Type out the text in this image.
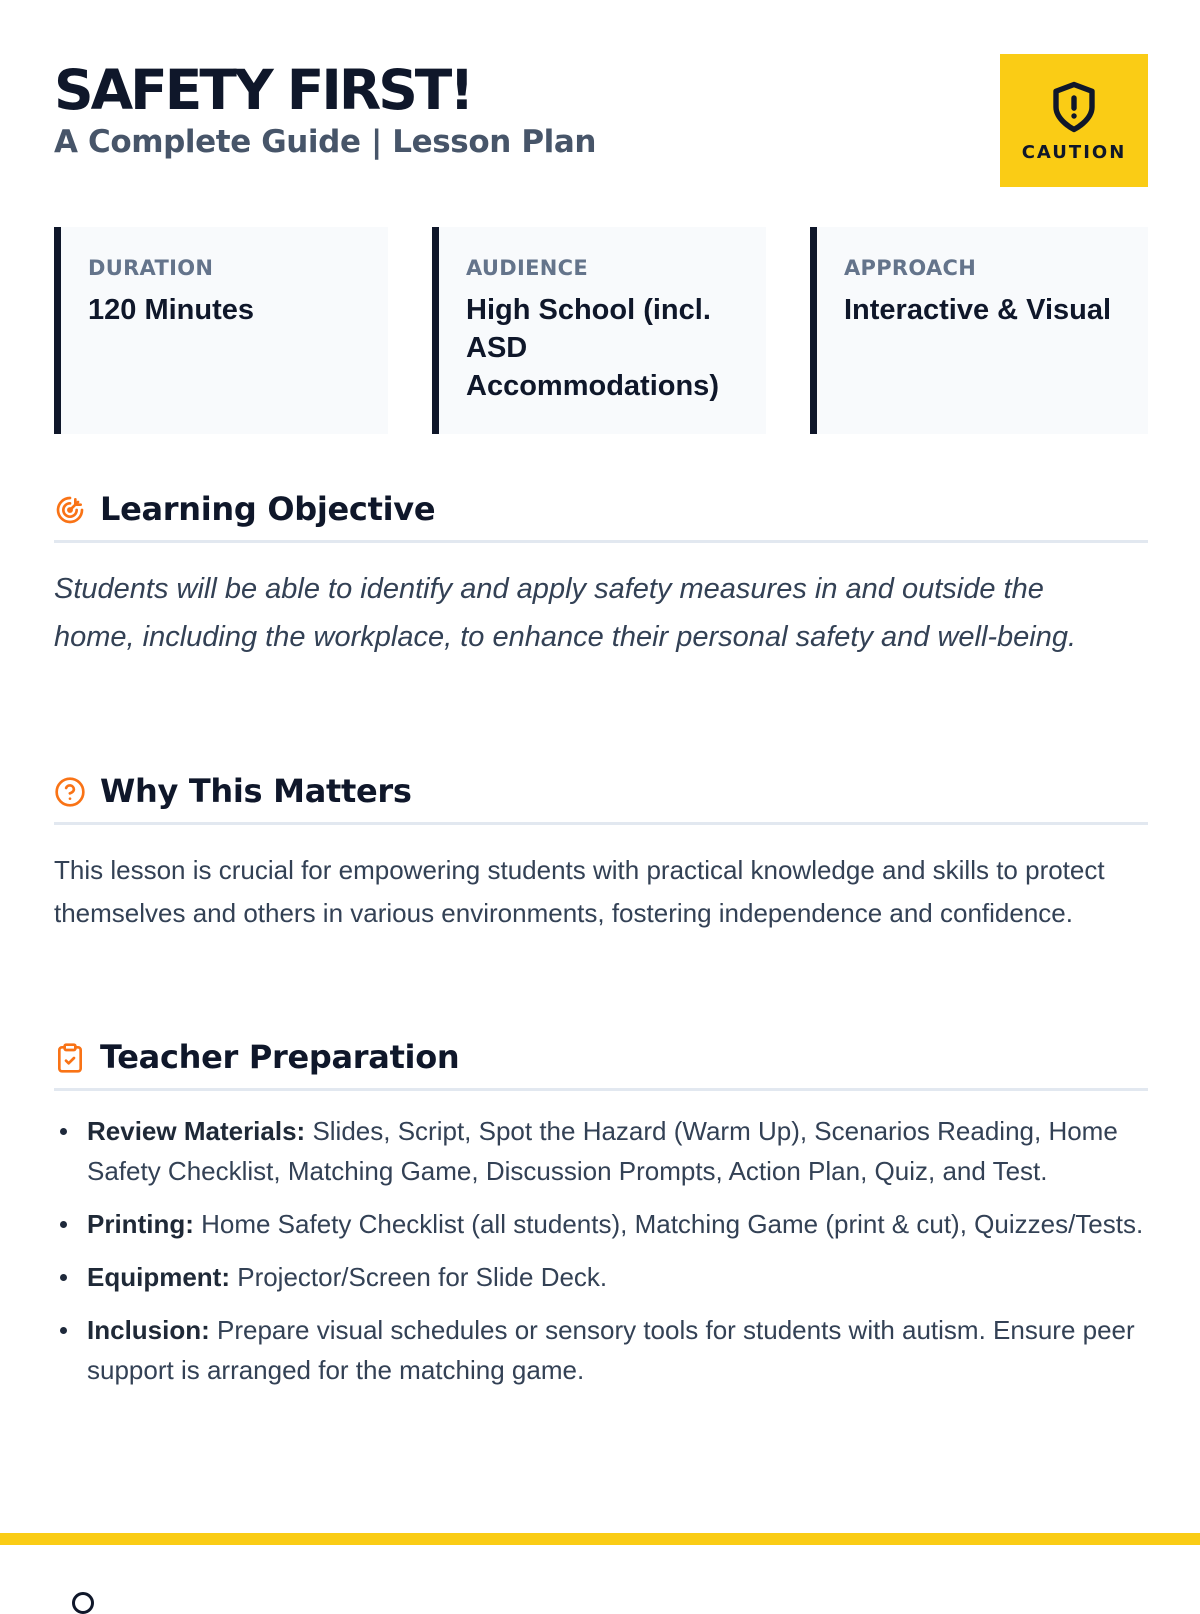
SAFETY FIRST!
A Complete Guide | Lesson Plan	CAUTION
DURATION
120 Minutes
AUDIENCE
High School (incl. ASD Accommodations)
APPROACH
Interactive & Visual
Learning Objective

Students will be able to identify and apply safety measures in and outside the home, including the workplace, to enhance their personal safety and well-being.

Why This Matters

This lesson is crucial for empowering students with practical knowledge and skills to protect themselves and others in various environments, fostering independence and confidence.

Teacher Preparation
Review Materials: Slides, Script, Spot the Hazard (Warm Up), Scenarios Reading, Home Safety Checklist, Matching Game, Discussion Prompts, Action Plan, Quiz, and Test.
Printing: Home Safety Checklist (all students), Matching Game (print & cut), Quizzes/Tests.
Equipment: Projector/Screen for Slide Deck.
Inclusion: Prepare visual schedules or sensory tools for students with autism. Ensure peer support is arranged for the matching game.
